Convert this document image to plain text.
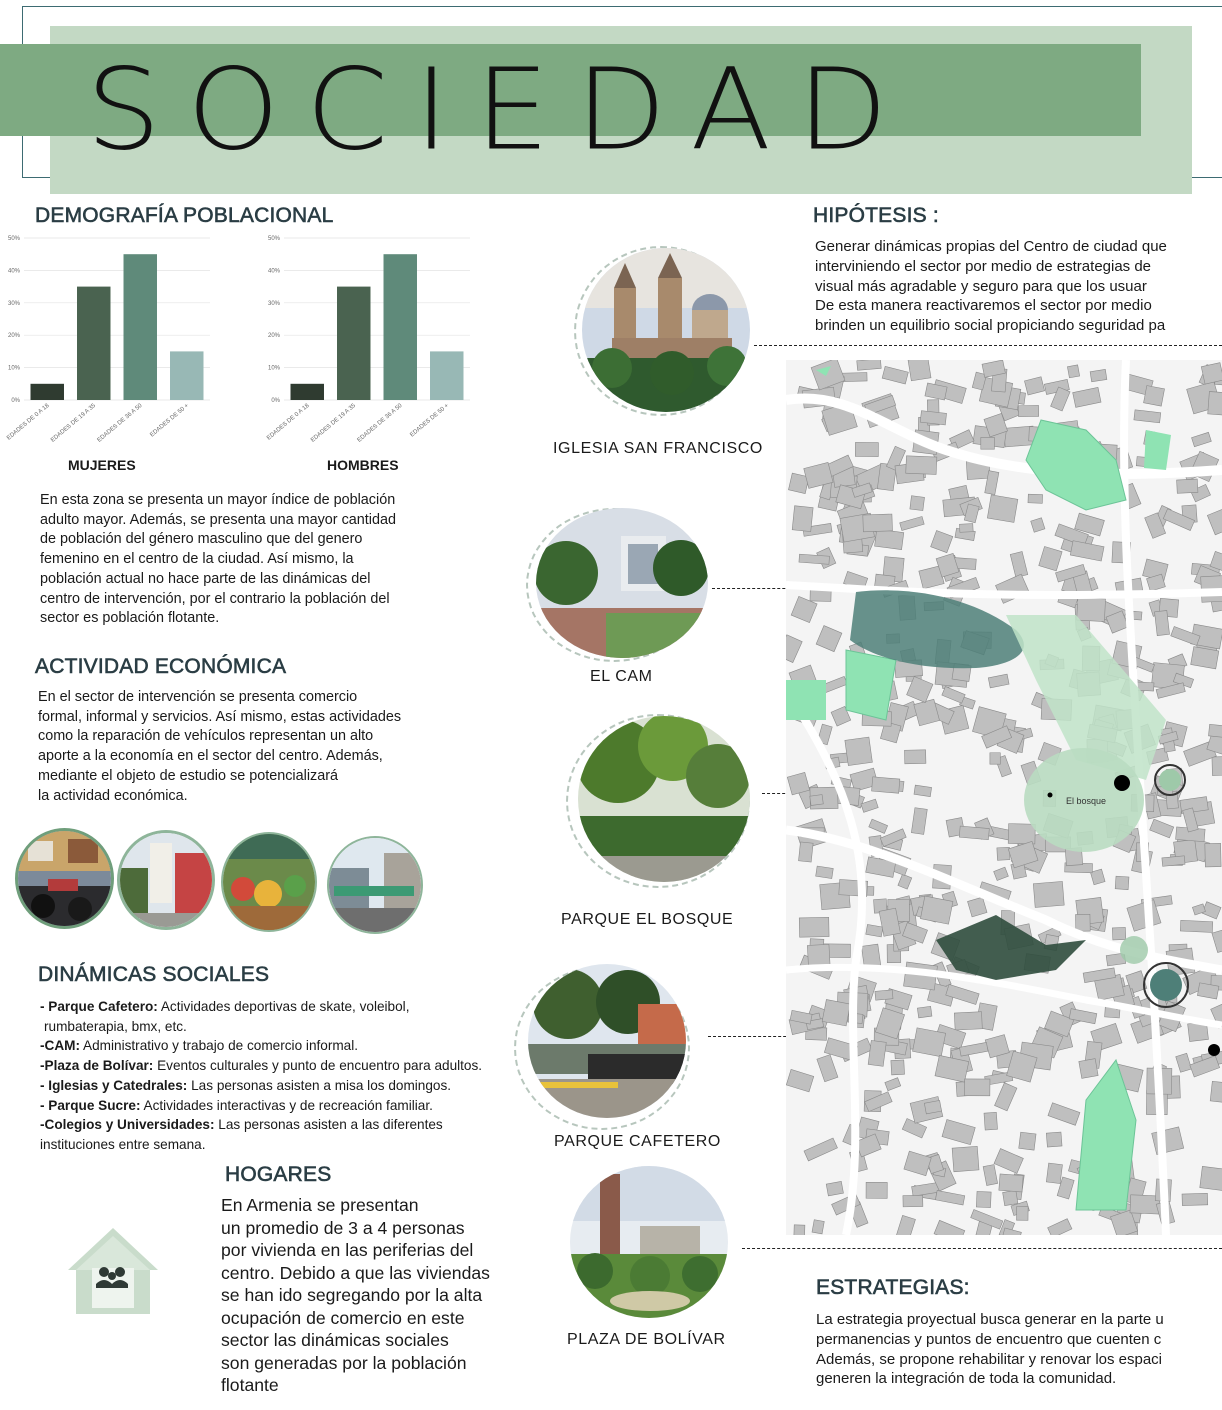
SOCIEDAD
DEMOGRAFÍA POBLACIONAL
0%
10%
20%
30%
40%
50%
EDADES DE 0 A 18 EDADES DE 19 A 35 EDADES DE 36 A 50 EDADES DE 50 +
0%
10%
20%
30%
40%
50%
EDADES DE 0 A 18 EDADES DE 19 A 35 EDADES DE 36 A 50 EDADES DE 50 +
MUJERES	HOMBRES
En esta zona se presenta un mayor índice de población
adulto mayor. Además, se presenta una mayor cantidad
de población del género masculino que del genero
femenino en el centro de la ciudad. Así mismo, la
población actual no hace parte de las dinámicas del
centro de intervención, por el contrario la población del
sector es población flotante.
ACTIVIDAD ECONÓMICA
En el sector de intervención se presenta comercio
formal, informal y servicios. Así mismo, estas actividades
como la reparación de vehículos representan un alto
aporte a la economía en el sector del centro. Además,
mediante el objeto de estudio se potencializará
la actividad económica.
DINÁMICAS SOCIALES
- Parque Cafetero: Actividades deportivas de skate, voleibol,
rumbaterapia, bmx, etc.
-CAM: Administrativo y trabajo de comercio informal.
-Plaza de Bolívar: Eventos culturales y punto de encuentro para adultos.
- Iglesias y Catedrales: Las personas asisten a misa los domingos.
- Parque Sucre: Actividades interactivas y de recreación familiar.
-Colegios y Universidades: Las personas asisten a las diferentes
instituciones entre semana.
HOGARES
En Armenia se presentan
un promedio de 3 a 4 personas
por vivienda en las periferias del
centro. Debido a que las viviendas
se han ido segregando por la alta
ocupación de comercio en este
sector las dinámicas sociales
son generadas por la población
flotante
IGLESIA SAN FRANCISCO
EL CAM
PARQUE EL BOSQUE
PARQUE CAFETERO
PLAZA DE BOLÍVAR
HIPÓTESIS :
Generar dinámicas propias del Centro de ciudad que
interviniendo el sector por medio de estrategias de
visual más agradable y seguro para que los usuar
De esta manera reactivaremos el sector por medio
brinden un equilibrio social propiciando seguridad pa
El bosque
ESTRATEGIAS:
La estrategia proyectual busca generar en la parte u
permanencias y puntos de encuentro que cuenten c
Además, se propone rehabilitar y renovar los espaci
generen la integración de toda la comunidad.
